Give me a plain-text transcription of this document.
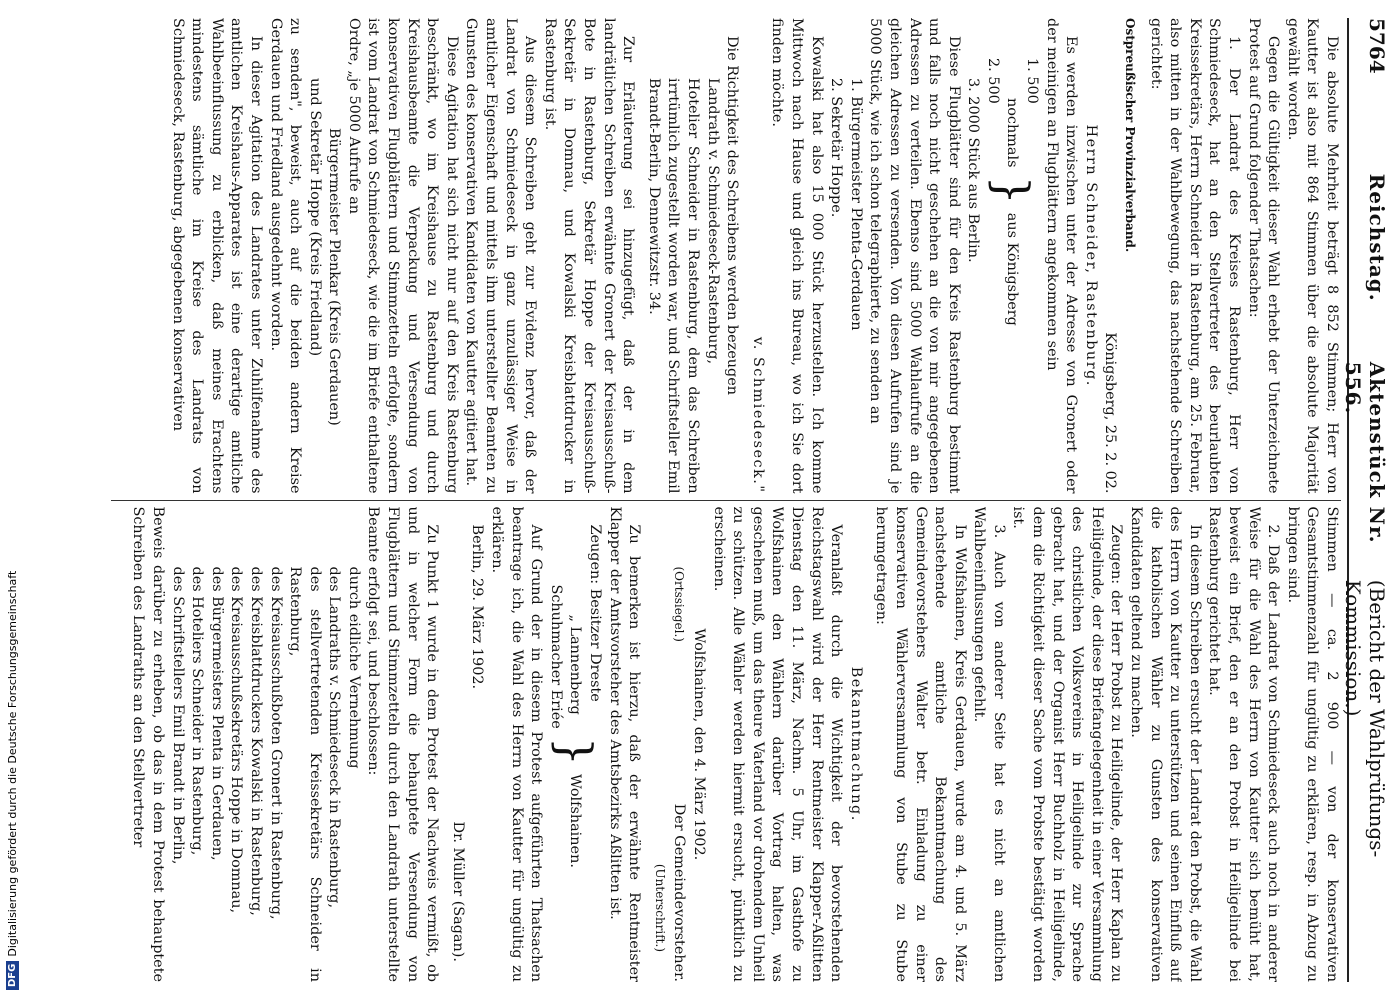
5764
Reichstag.
Aktenstück Nr. 556.
(Bericht der Wahlprüfungs-Kommission.)

Die absolute Mehrheit beträgt 8 852 Stimmen; Herr von Kautter ist also mit 864 Stimmen über die absolute Majorität gewählt worden.

Gegen die Gültigkeit dieser Wahl erhebt der Unterzeichnete Protest auf Grund folgender Thatsachen:

1. Der Landrat des Kreises Rastenburg, Herr von Schmiedeseck, hat an den Stellvertreter des beurlaubten Kreissekretärs, Herrn Schneider in Rastenburg, am 25. Februar, also mitten in der Wahlbewegung, das nachstehende Schreiben gerichtet:

Ostpreußischer Provinzialverband.

Königsberg, 25. 2. 02.

Herrn Schneider, Rastenburg.

Es werden inzwischen unter der Adresse von Gronert oder der meinigen an Flugblättern angekommen sein

1. 500
nochmals
2. 500
}
aus Königsberg

3. 2000 Stück aus Berlin.

Diese Flugblätter sind für den Kreis Rastenburg bestimmt und falls noch nicht geschehen an die von mir angegebenen Adressen zu verteilen. Ebenso sind 5000 Wahlaufrufe an die gleichen Adressen zu versenden. Von diesen Aufrufen sind je 5000 Stück, wie ich schon telegraphierte, zu senden an

1. Bürgermeister Plenta-Gerdauen

2. Sekretär Hoppe.

Kowalski hat also 15 000 Stück herzustellen. Ich komme Mittwoch nach Hause und gleich ins Bureau, wo ich Sie dort finden möchte.

v. Schmiedeseck."

Die Richtigkeit des Schreibens werden bezeugen

Landrath v. Schmiedeseck-Rastenburg,

Hotelier Schneider in Rastenburg, dem das Schreiben irrtümlich zugestellt worden war, und Schriftsteller Emil Brandt-Berlin, Dennewitzstr. 34.

Zur Erläuterung sei hinzugefügt, daß der in dem landrätlichen Schreiben erwähnte Gronert der Kreisausschuß-Bote in Rastenburg, Sekretär Hoppe der Kreisausschuß-Sekretär in Domnau, und Kowalski Kreisblattdrucker in Rastenburg ist.

Aus diesem Schreiben geht zur Evidenz hervor, daß der Landrat von Schmiedeseck in ganz unzulässiger Weise in amtlicher Eigenschaft und mittels ihm unterstellter Beamten zu Gunsten des konservativen Kandidaten von Kautter agitiert hat.

Diese Agitation hat sich nicht nur auf den Kreis Rastenburg beschränkt, wo im Kreishause zu Rastenburg und durch Kreishausbeamte die Verpackung und Versendung von konservativen Flugblättern und Stimmzetteln erfolgte, sondern ist vom Landrat von Schmiedeseck, wie die im Briefe enthaltene Ordre, „je 5000 Aufrufe an

Bürgermeister Plenkar (Kreis Gerdauen)

und Sekretär Hoppe (Kreis Friedland)

zu senden", beweist, auch auf die beiden andern Kreise Gerdauen und Friedland ausgedehnt worden.

In dieser Agitation des Landrates unter Zuhilfenahme des amtlichen Kreishaus-Apparates ist eine derartige amtliche Wahlbeeinflussung zu erblicken, daß meines Erachtens mindestens sämtliche im Kreise des Landrats von Schmiedeseck, Rastenburg, abgegebenen konservativen

Stimmen — ca. 2 900 — von der konservativen Gesamtstimmenzahl für ungültig zu erklären, resp. in Abzug zu bringen sind.

2. Daß der Landrat von Schmiedeseck auch noch in anderer Weise für die Wahl des Herrn von Kautter sich bemüht hat, beweist ein Brief, den er an den Probst in Heiligelinde bei Rastenburg gerichtet hat.

In diesem Schreiben ersucht der Landrat den Probst, die Wahl des Herrn von Kautter zu unterstützen und seinen Einfluß auf die katholischen Wähler zu Gunsten des konservativen Kandidaten geltend zu machen.

Zeugen: der Herr Probst zu Heiligelinde, der Herr Kaplan zu Heiligelinde, der diese Briefangelegenheit in einer Versammlung des christlichen Volksvereins in Heiligelinde zur Sprache gebracht hat, und der Organist Herr Buchholz in Heiligelinde, dem die Richtigkeit dieser Sache vom Probste bestätigt worden ist.

3. Auch von anderer Seite hat es nicht an amtlichen Wahlbeeinflussungen gefehlt.

In Wolfshainen, Kreis Gerdauen, wurde am 4. und 5. März nachstehende amtliche Bekanntmachung des Gemeindevorstehers Walter betr. Einladung zu einer konservativen Wählerversammlung von Stube zu Stube herumgetragen:

Bekanntmachung.

Veranlaßt durch die Wichtigkeit der bevorstehenden Reichstagswahl wird der Herr Rentmeister Klapper-Aßlitten Dienstag den 11. März, Nachm. 5 Uhr, im Gasthofe zu Wolfshainen den Wählern darüber Vortrag halten, was geschehen muß, um das theure Vaterland vor drohendem Unheil zu schützen. Alle Wähler werden hiermit ersucht, pünktlich zu erscheinen.

Wolfshainen, den 4. März 1902.

(Ortssiegel.)
Der Gemeindevorsteher.

(Unterschrift.)

Zu bemerken ist hierzu, daß der erwähnte Rentmeister Klapper der Amtsvorsteher des Amtsbezirks Aßlitten ist.

Zeugen: Besitzer Dreste
„ Lannenberg
Schuhmacher Eriée
}
Wolfshainen.

Auf Grund der in diesem Protest aufgeführten Thatsachen beantrage ich, die Wahl des Herrn von Kautter für ungültig zu erklären.

Berlin, 29. März 1902.

Dr. Müller (Sagan).

Zu Punkt 1 wurde in dem Protest der Nachweis vermißt, ob und in welcher Form die behauptete Versendung von Flugblättern und Stimmzetteln durch den Landrath unterstellte Beamte erfolgt sei, und beschlossen:

durch eidliche Vernehmung

des Landraths v. Schmiedeseck in Rastenburg,

des stellvertretenden Kreissekretärs Schneider in Rastenburg,

des Kreisausschußboten Gronert in Rastenburg,

des Kreisblattdruckers Kowalski in Rastenburg,

des Kreisausschußsekretärs Hoppe in Domnau,

des Bürgermeisters Plenta in Gerdauen,

des Hoteliers Schneider in Rastenburg,

des Schriftstellers Emil Brandt in Berlin,

Beweis darüber zu erheben, ob das in dem Protest behauptete Schreiben des Landraths an den Stellvertreter

DFG
Digitalisierung gefördert durch die Deutsche Forschungsgemeinschaft
